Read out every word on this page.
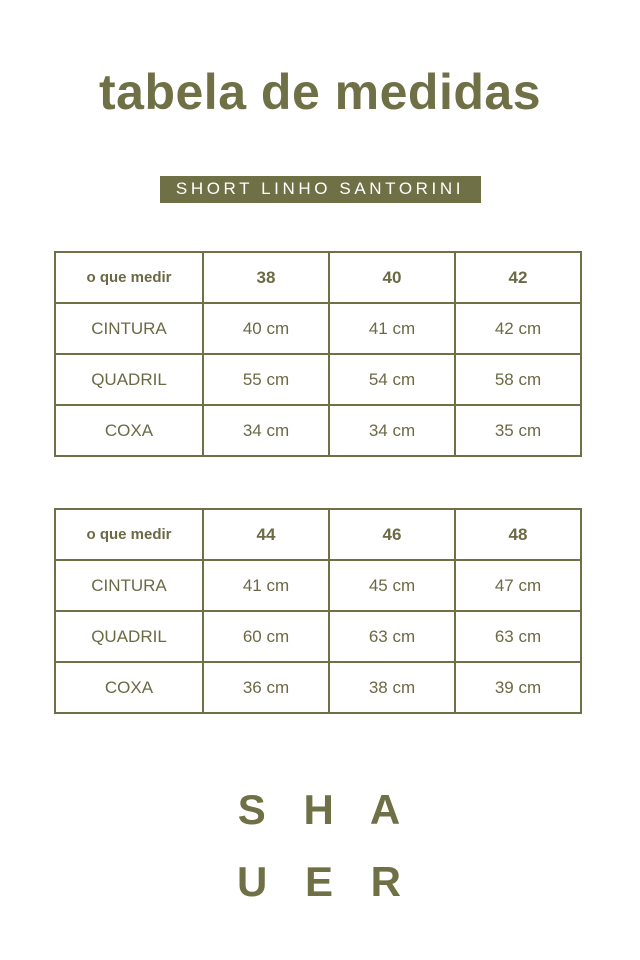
tabela de medidas
SHORT LINHO SANTORINI
o que medir	38	40	42
CINTURA	40 cm	41 cm	42 cm
QUADRIL	55 cm	54 cm	58 cm
COXA	34 cm	34 cm	35 cm
o que medir	44	46	48
CINTURA	41 cm	45 cm	47 cm
QUADRIL	60 cm	63 cm	63 cm
COXA	36 cm	38 cm	39 cm
S H A
U E R
